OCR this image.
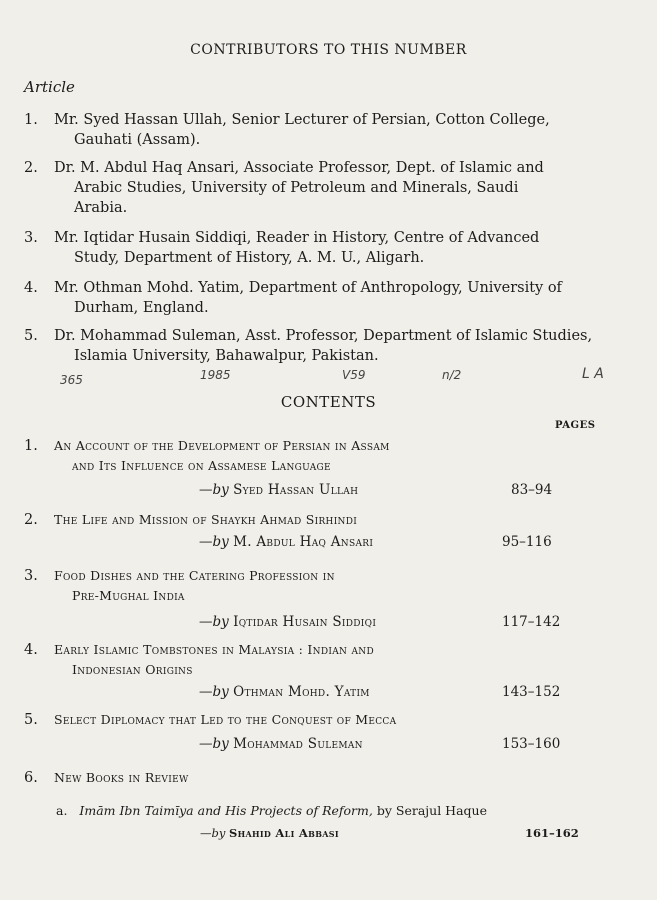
CONTRIBUTORS TO THIS NUMBER
Article
1. Mr. Syed Hassan Ullah, Senior Lecturer of Persian, Cotton College,
Gauhati (Assam).
2. Dr. M. Abdul Haq Ansari, Associate Professor, Dept. of Islamic and
Arabic Studies, University of Petroleum and Minerals, Saudi
Arabia.
3. Mr. Iqtidar Husain Siddiqi, Reader in History, Centre of Advanced
Study, Department of History, A. M. U., Aligarh.
4. Mr. Othman Mohd. Yatim, Department of Anthropology, University of
Durham, England.
5. Dr. Mohammad Suleman, Asst. Professor, Department of Islamic Studies,
Islamia University, Bahawalpur, Pakistan.
365	1985	V59	n/2	L A
CONTENTS
PAGES
1. An Account of the Development of Persian in Assam
and Its Influence on Assamese Language
—by Syed Hassan Ullah	83–94
2. The Life and Mission of Shaykh Ahmad Sirhindi
—by M. Abdul Haq Ansari	95–116
3. Food Dishes and the Catering Profession in
Pre-Mughal India
—by Iqtidar Husain Siddiqi	117–142
4. Early Islamic Tombstones in Malaysia : Indian and
Indonesian Origins
—by Othman Mohd. Yatim	143–152
5. Select Diplomacy that Led to the Conquest of Mecca
—by Mohammad Suleman	153–160
6. New Books in Review
a. Imām Ibn Taimīya and His Projects of Reform, by Serajul Haque
—by Shahid Ali Abbasi	161–162
